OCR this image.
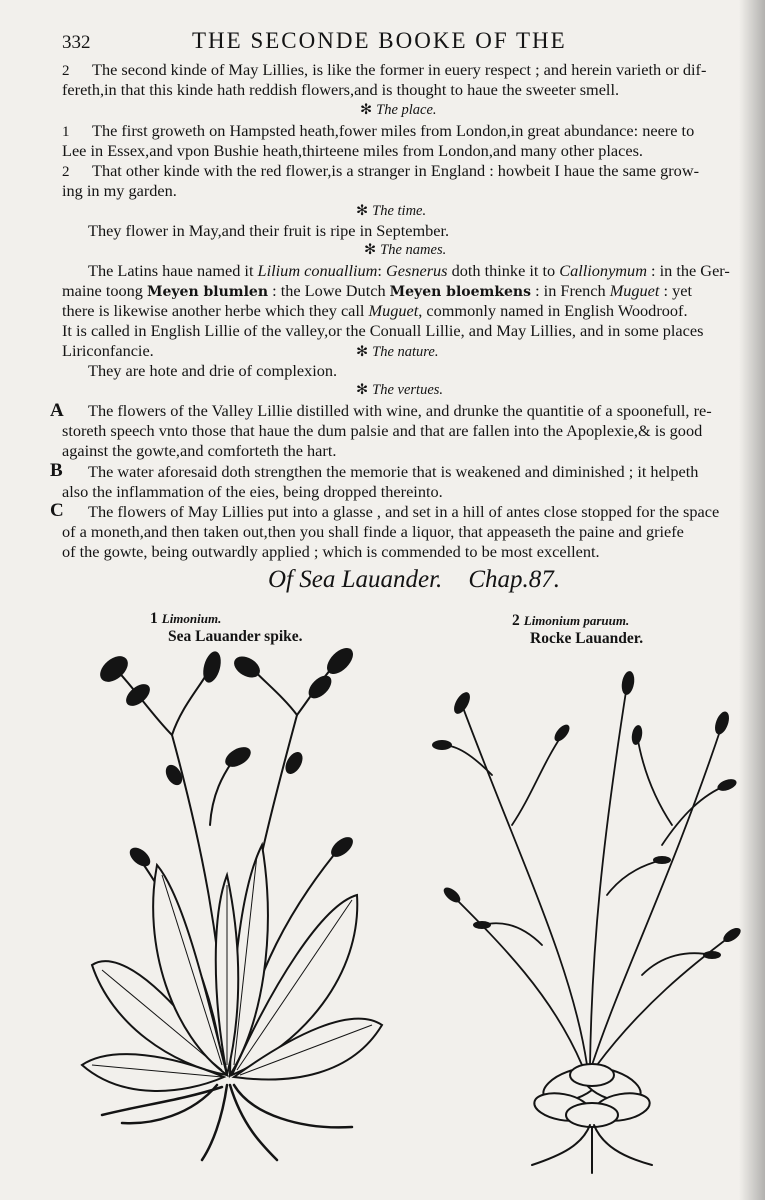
332	THE SECONDE BOOKE OF THE
2 The second kinde of May Lillies, is like the former in euery respect ; and herein varieth or dif-
fereth,in that this kinde hath reddish flowers,and is thought to haue the sweeter smell.
✻ The place.
1 The first groweth on Hampsted heath,fower miles from London,in great abundance: neere to
Lee in Essex,and vpon Bushie heath,thirteene miles from London,and many other places.
2 That other kinde with the red flower,is a stranger in England : howbeit I haue the same grow-
ing in my garden.
✻ The time.
They flower in May,and their fruit is ripe in September.
✻ The names.
The Latins haue named it Lilium conuallium: Gesnerus doth thinke it to Callionymum : in the Ger-
maine toong Meyen blumlen : the Lowe Dutch Meyen bloemkens : in French Muguet : yet
there is likewise another herbe which they call Muguet, commonly named in English Woodroof.
It is called in English Lillie of the valley,or the Conuall Lillie, and May Lillies, and in some places
Liriconfancie.	✻ The nature.
They are hote and drie of complexion.
✻ The vertues.
A The flowers of the Valley Lillie distilled with wine, and drunke the quantitie of a spoonefull, re-
storeth speech vnto those that haue the dum palsie and that are fallen into the Apoplexie,& is good
against the gowte,and comforteth the hart.
B The water aforesaid doth strengthen the memorie that is weakened and diminished ; it helpeth
also the inflammation of the eies, being dropped thereinto.
C The flowers of May Lillies put into a glasse , and set in a hill of antes close stopped for the space
of a moneth,and then taken out,then you shall finde a liquor, that appeaseth the paine and griefe
of the gowte, being outwardly applied ; which is commended to be most excellent.
Of Sea Lauander. Chap.87.
1 Limonium.
Sea Lauander spike.
2 Limonium paruum.
Rocke Lauander.
